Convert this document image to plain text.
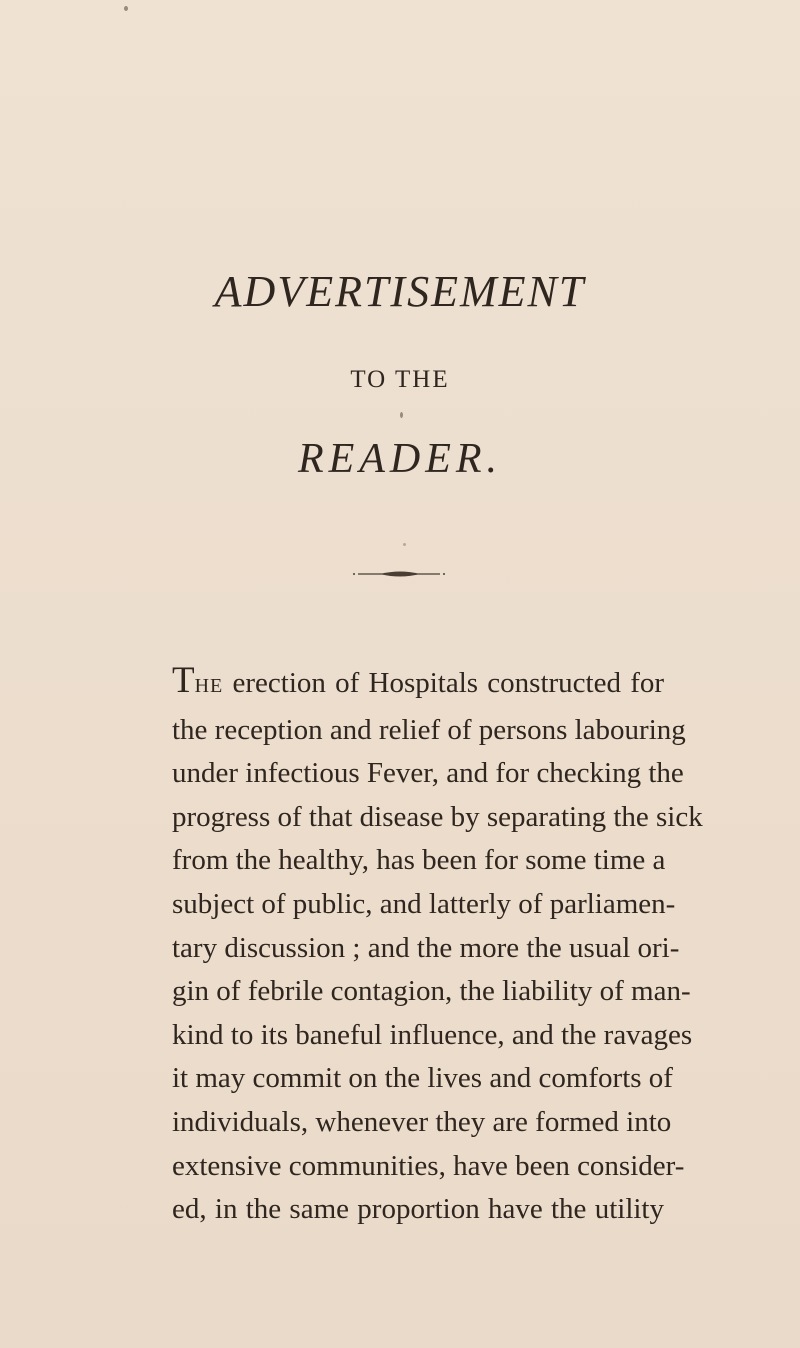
ADVERTISEMENT
TO THE
READER.

THE erection of Hospitals constructed for
the reception and relief of persons labouring
under infectious Fever, and for checking the
progress of that disease by separating the sick
from the healthy, has been for some time a
subject of public, and latterly of parliamen-
tary discussion ; and the more the usual ori-
gin of febrile contagion, the liability of man-
kind to its baneful influence, and the ravages
it may commit on the lives and comforts of
individuals, whenever they are formed into
extensive communities, have been consider-
ed, in the same proportion have the utility
